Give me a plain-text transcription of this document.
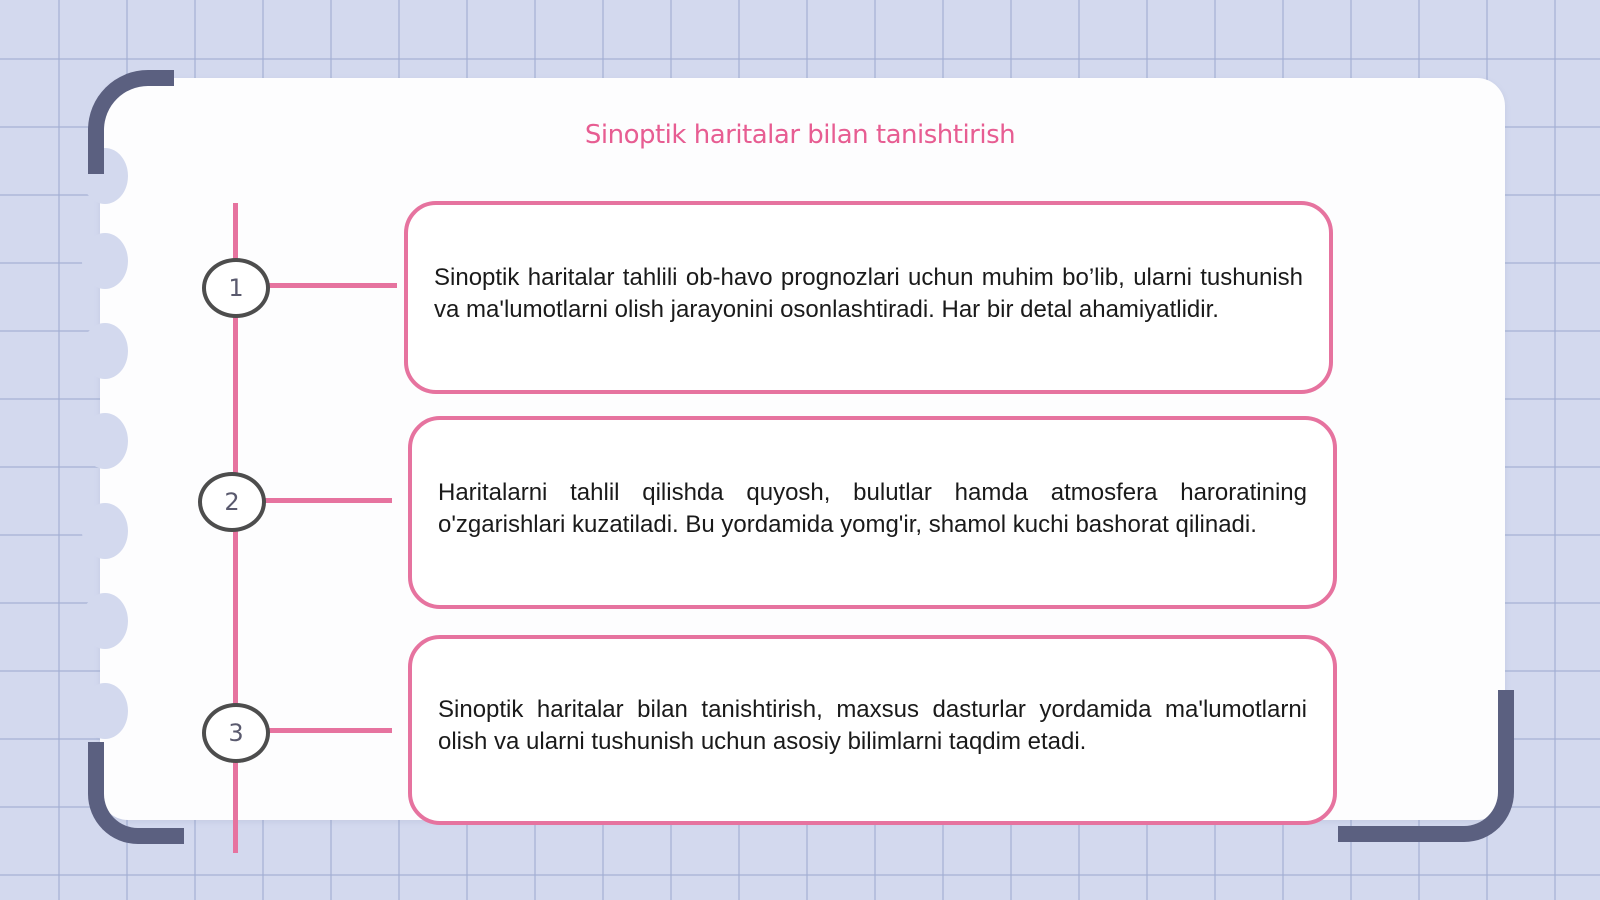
Sinoptik haritalar bilan tanishtirish
1	Sinoptik haritalar tahlili ob-havo prognozlari uchun muhim bo’lib, ularni tushunish va ma'lumotlarni olish jarayonini osonlashtiradi. Har bir detal ahamiyatlidir.
2	Haritalarni tahlil qilishda quyosh, bulutlar hamda atmosfera haroratining o'zgarishlari kuzatiladi. Bu yordamida yomg'ir, shamol kuchi bashorat qilinadi.
3
Sinoptik haritalar bilan tanishtirish, maxsus dasturlar yordamida ma'lumotlarni olish va ularni tushunish uchun asosiy bilimlarni taqdim etadi.
